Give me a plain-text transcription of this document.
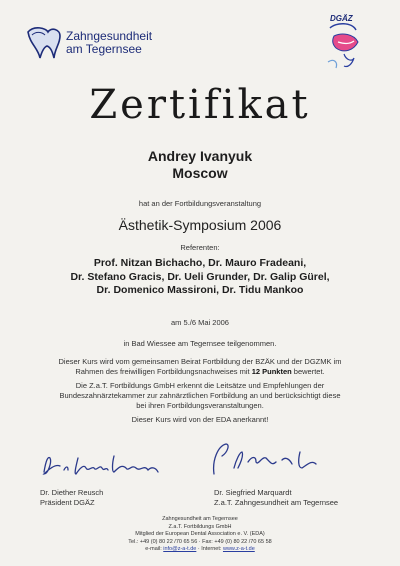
Zahngesundheit
am Tegernsee
DGÄZ
Zertifikat
Andrey Ivanyuk
Moscow
hat an der Fortbildungsveranstaltung
Ästhetik-Symposium 2006
Referenten:
Prof. Nitzan Bichacho, Dr. Mauro Fradeani,
Dr. Stefano Gracis, Dr. Ueli Grunder, Dr. Galip Gürel,
Dr. Domenico Massironi, Dr. Tidu Mankoo
am 5./6 Mai 2006
in Bad Wiessee am Tegernsee teilgenommen.
Dieser Kurs wird vom gemeinsamen Beirat Fortbildung der BZÄK und der DGZMK im
Rahmen des freiwilligen Fortbildungsnachweises mit 12 Punkten bewertet.
Die Z.a.T. Fortbildungs GmbH erkennt die Leitsätze und Empfehlungen der
Bundeszahnärztekammer zur zahnärztlichen Fortbildung an und berücksichtigt diese
bei ihren Fortbildungsveranstaltungen.
Dieser Kurs wird von der EDA anerkannt!
Dr. Diether Reusch
Präsident DGÄZ
Dr. Siegfried Marquardt
Z.a.T. Zahngesundheit am Tegernsee
Zahngesundheit am Tegernsee
Z.a.T. Fortbildungs GmbH
Mitglied der European Dental Association e. V. (EDA)
Tel.: +49 (0) 80 22 /70 65 56 · Fax: +49 (0) 80 22 /70 65 58
e-mail: info@z-a-t.de · Internet: www.z-a-t.de
